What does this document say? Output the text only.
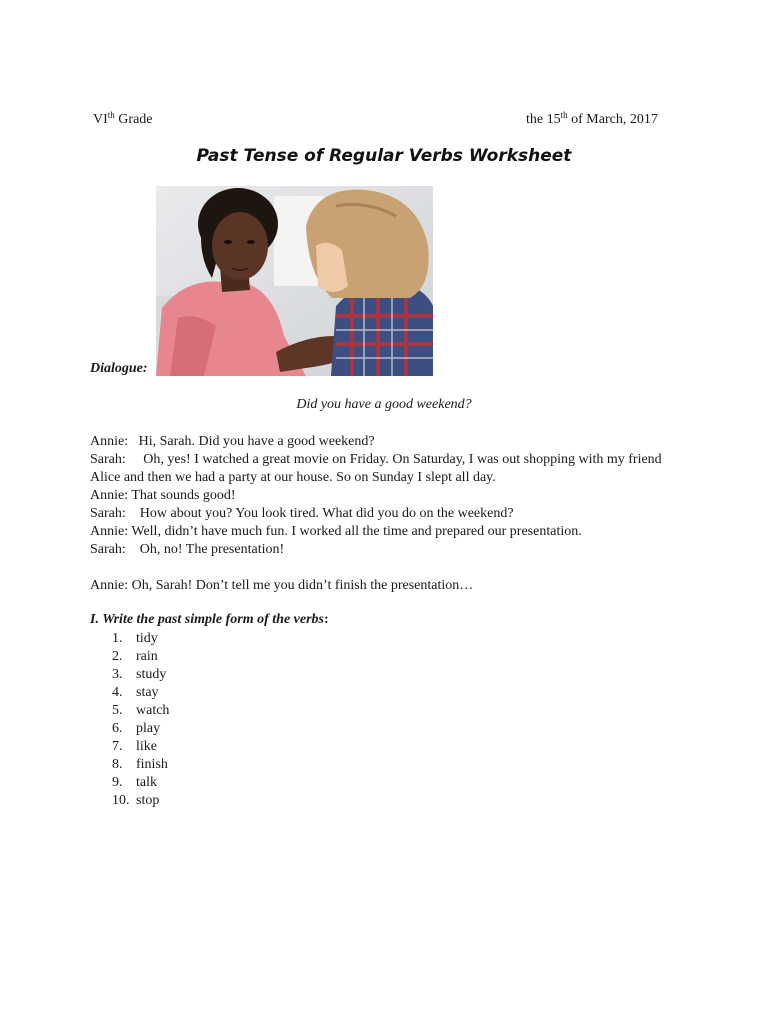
VIth Grade	the 15th of March, 2017
Past Tense of Regular Verbs Worksheet
Dialogue:
Did you have a good weekend?
Annie:
Hi, Sarah. Did you have a good weekend?
Sarah:     Oh, yes! I watched a great movie on Friday. On Saturday, I was out shopping with my friend Alice and then we had a party at our house. So on Sunday I slept all day.
Annie: That sounds good!
Sarah:    How about you? You look tired. What did you do on the weekend?
Annie: Well, didn’t have much fun. I worked all the time and prepared our presentation.
Sarah:    Oh, no! The presentation!
Annie: Oh, Sarah! Don’t tell me you didn’t finish the presentation…
I. Write the past simple form of the verbs:
1. tidy
2. rain
3. study
4. stay
5. watch
6. play
7. like
8. finish
9. talk
10. stop
